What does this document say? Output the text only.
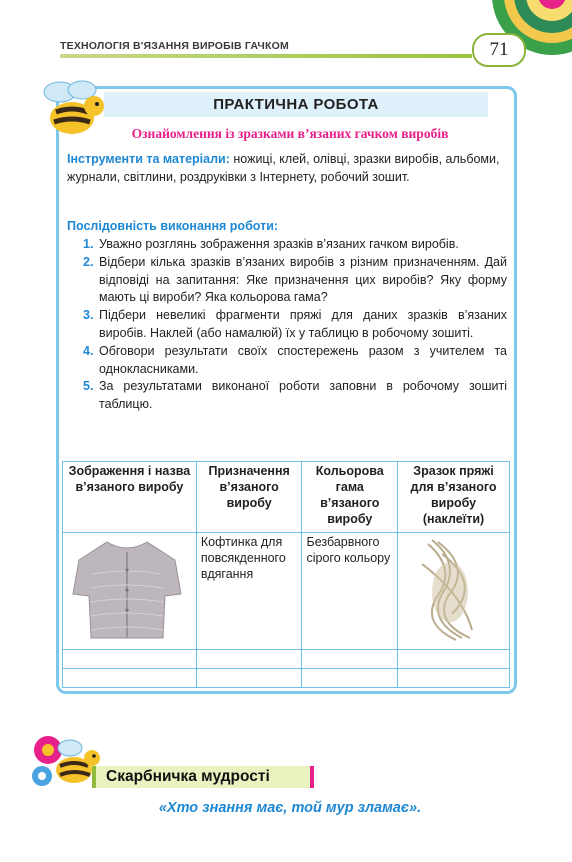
ТЕХНОЛОГІЯ В'ЯЗАННЯ ВИРОБІВ ГАЧКОМ	71
ПРАКТИЧНА РОБОТА
Ознайомлення із зразками в’язаних гачком виробів
Інструменти та матеріали: ножиці, клей, олівці, зразки виробів, альбоми, журнали, світлини, роздруківки з Інтернету, робочий зошит.
Послідовність виконання роботи:
1. Уважно розглянь зображення зразків в’язаних гачком виробів.
2. Відбери кілька зразків в’язаних виробів з різним призначенням. Дай відповіді на запитання: Яке призначення цих виробів? Яку форму мають ці вироби? Яка кольорова гама?
3. Підбери невеликі фрагменти пряжі для даних зразків в’язаних виробів. Наклей (або намалюй) їх у таблицю в робочому зошиті.
4. Обговори результати своїх спостережень разом з учителем та однокласниками.
5. За результатами виконаної роботи заповни в робочому зошиті таблицю.
Зображення і назва в’язаного виробу	Призначення в’язаного виробу	Кольорова гама в’язаного виробу	Зразок пряжі для в’язаного виробу (наклеїти)
	Кофтинка для повсякденного вдягання	Безбарвного сірого кольору	

Скарбничка мудрості
«Хто знання має, той мур зламає».
